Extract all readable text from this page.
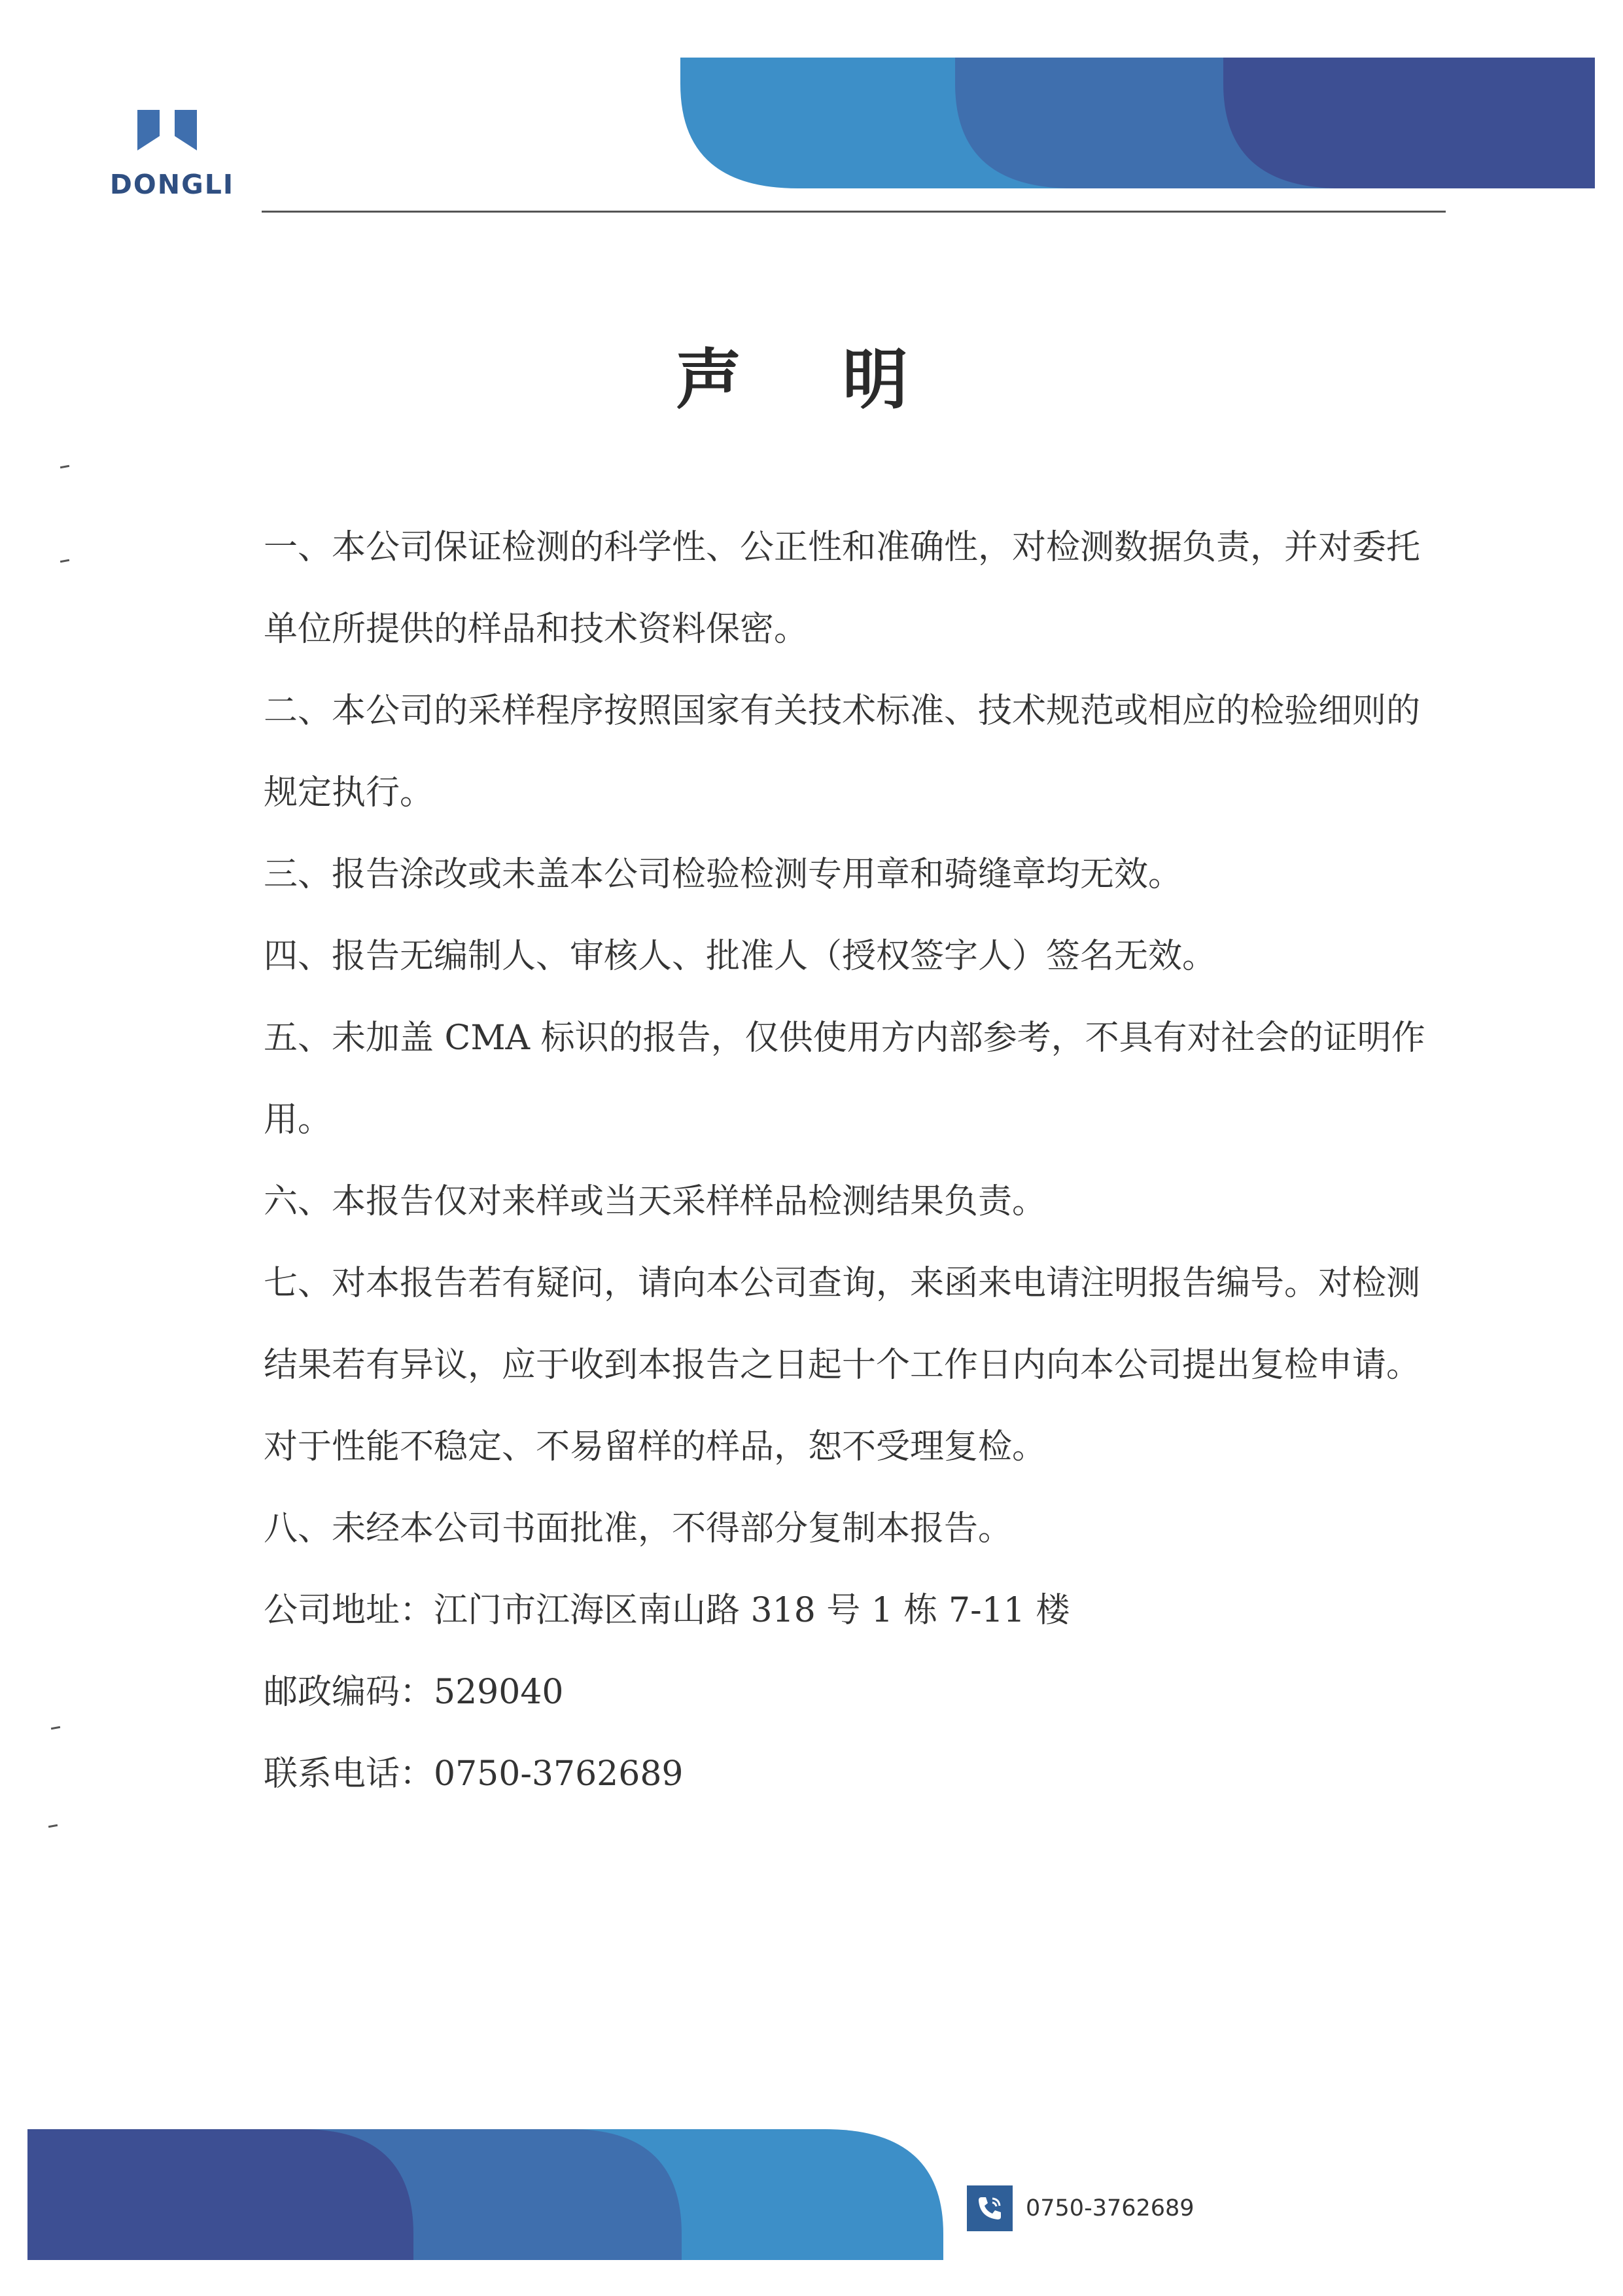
DONGLI
声 明

一、本公司保证检测的科学性、公正性和准确性，对检测数据负责，并对委托单位所提供的样品和技术资料保密。

二、本公司的采样程序按照国家有关技术标准、技术规范或相应的检验细则的规定执行。

三、报告涂改或未盖本公司检验检测专用章和骑缝章均无效。

四、报告无编制人、审核人、批准人（授权签字人）签名无效。

五、未加盖 CMA 标识的报告，仅供使用方内部参考，不具有对社会的证明作用。

六、本报告仅对来样或当天采样样品检测结果负责。

七、对本报告若有疑问，请向本公司查询，来函来电请注明报告编号。对检测结果若有异议，应于收到本报告之日起十个工作日内向本公司提出复检申请。对于性能不稳定、不易留样的样品，恕不受理复检。

八、未经本公司书面批准，不得部分复制本报告。

公司地址：江门市江海区南山路 318 号 1 栋 7-11 楼

邮政编码：529040

联系电话：0750-3762689

0750-3762689
